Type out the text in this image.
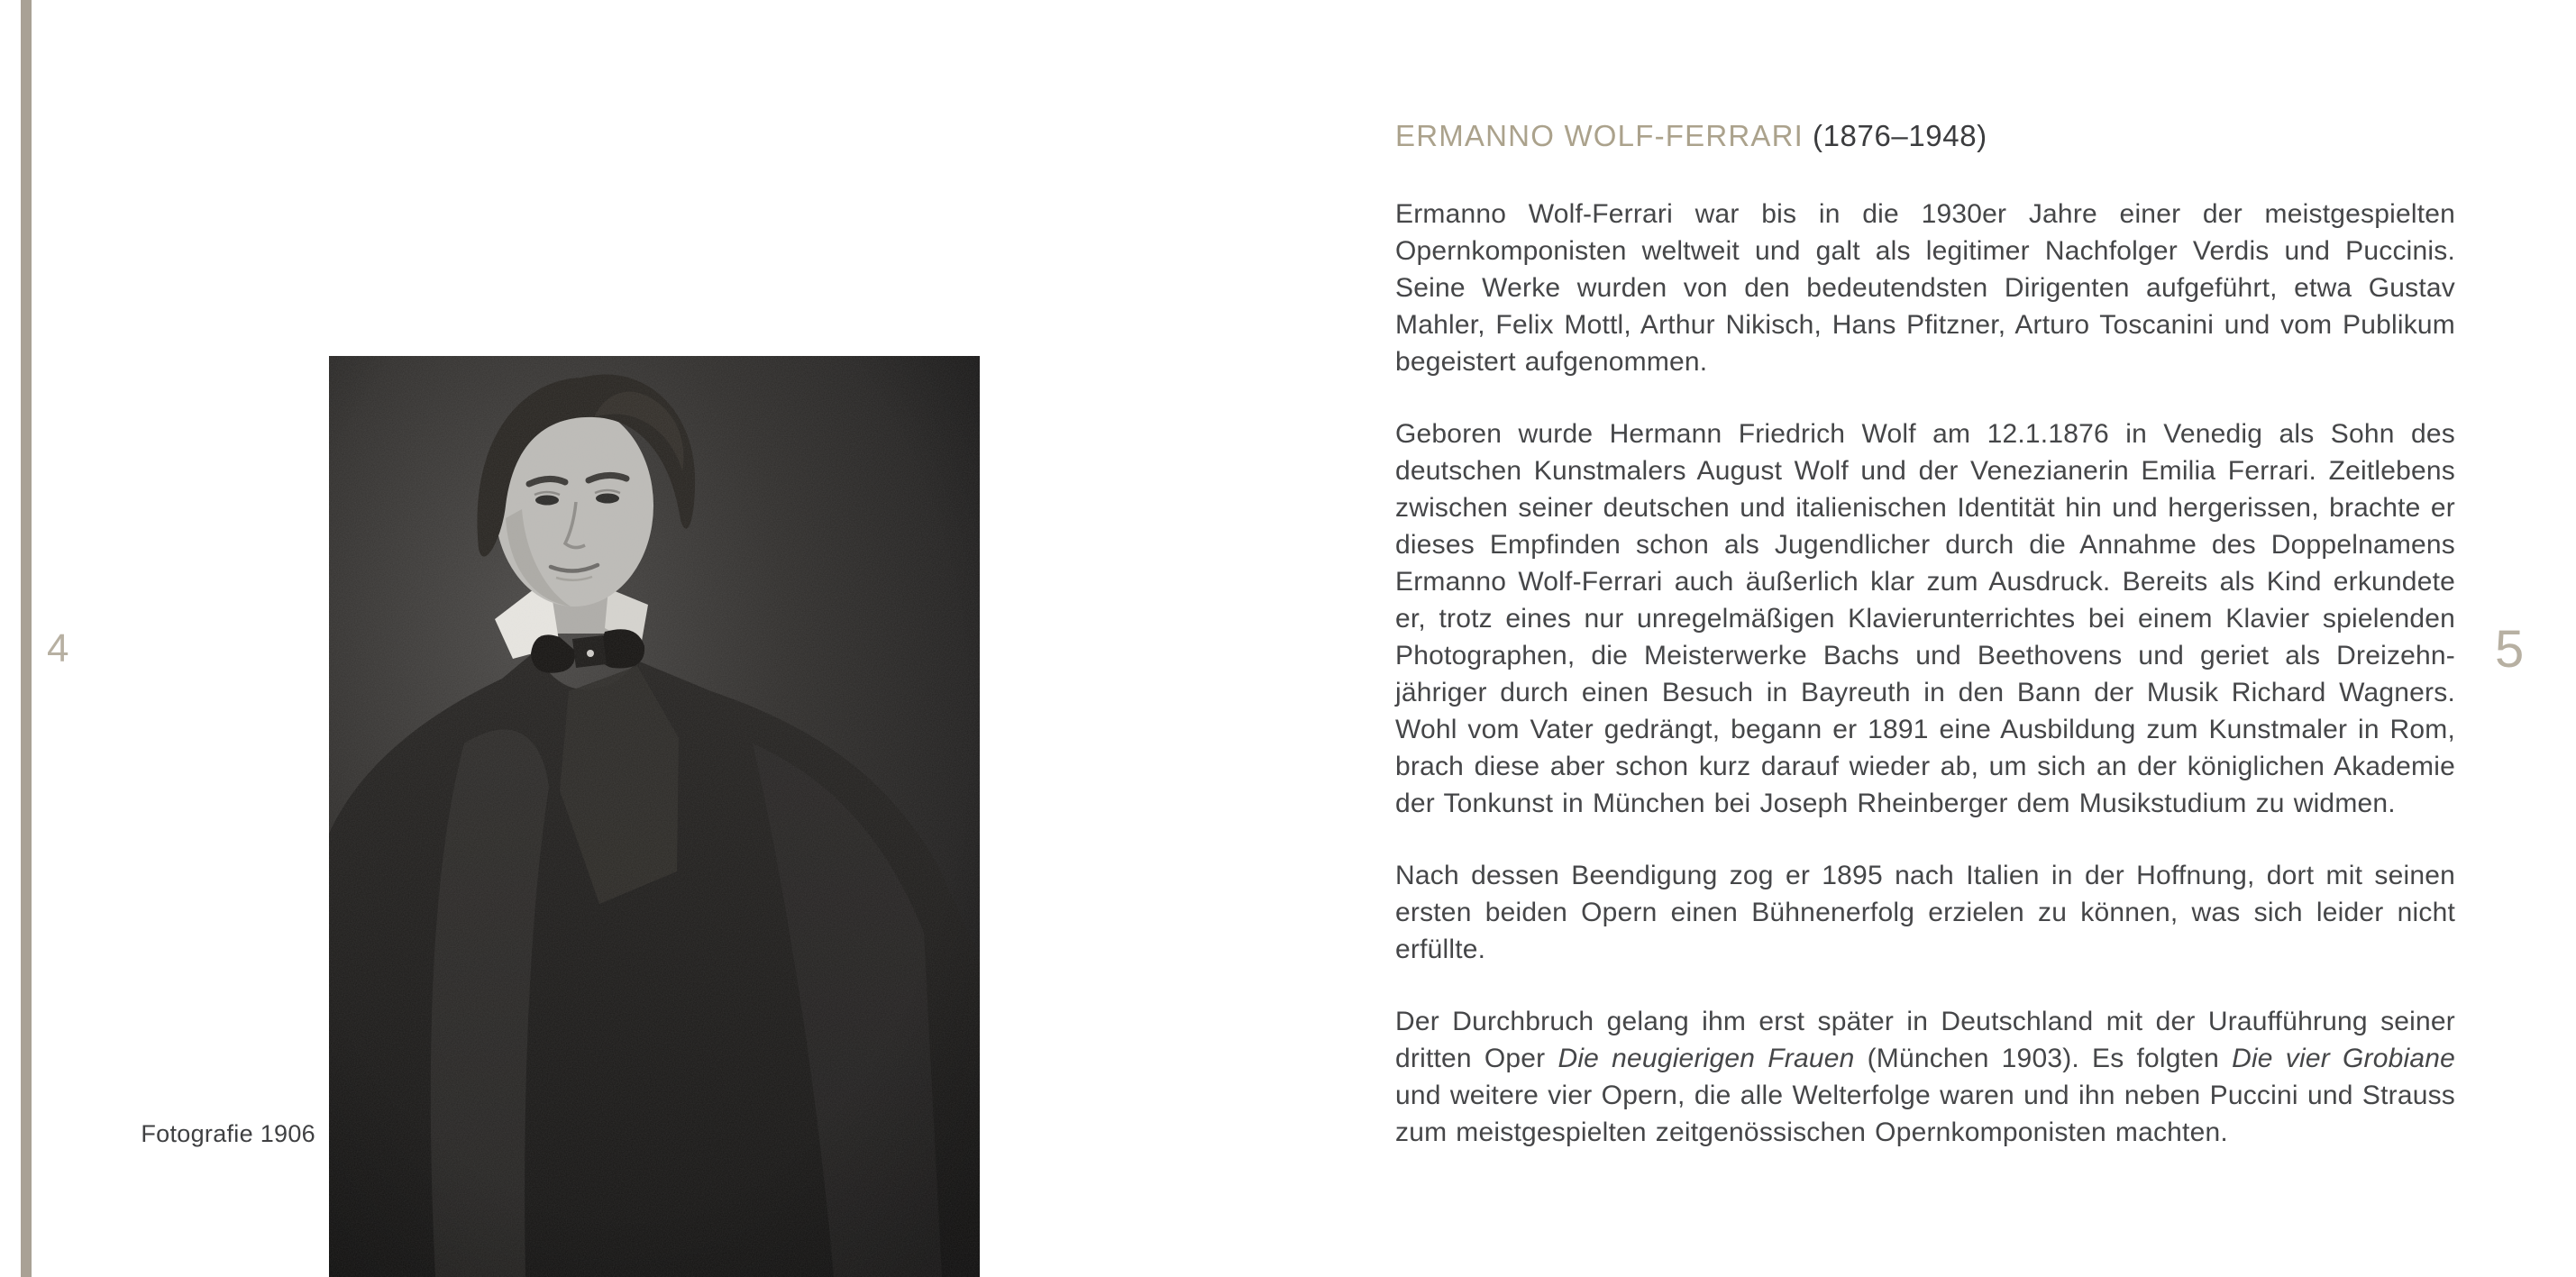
4
Fotografie 1906
ERMANNO WOLF-FERRARI (1876–1948)

Ermanno Wolf-Ferrari war bis in die 1930er Jahre einer der meistgespielten Opernkomponisten weltweit und galt als legitimer Nachfolger Verdis und Puccinis. Seine Werke wurden von den bedeutendsten Dirigenten aufgeführt, etwa Gustav Mahler, Felix Mottl, Arthur Nikisch, Hans Pfitzner, Arturo Toscanini und vom Publikum begeistert aufgenommen.

Geboren wurde Hermann Friedrich Wolf am 12.1.1876 in Venedig als Sohn des deutschen Kunstmalers August Wolf und der Venezianerin Emilia Ferrari. Zeitlebens zwischen seiner deutschen und italienischen Identität hin und hergerissen, brachte er dieses Empfinden schon als Jugendlicher durch die Annahme des Doppelnamens Ermanno Wolf-Ferrari auch äußerlich klar zum Ausdruck. Bereits als Kind erkundete er, trotz eines nur unregelmäßigen Klavierunterrichtes bei einem Klavier spielenden Photographen, die Meisterwerke Bachs und Beethovens und geriet als Dreizehn-jähriger durch einen Besuch in Bayreuth in den Bann der Musik Richard Wagners. Wohl vom Vater gedrängt, begann er 1891 eine Ausbildung zum Kunstmaler in Rom, brach diese aber schon kurz darauf wieder ab, um sich an der königlichen Akademie der Tonkunst in München bei Joseph Rheinberger dem Musikstudium zu widmen.

Nach dessen Beendigung zog er 1895 nach Italien in der Hoffnung, dort mit seinen ersten beiden Opern einen Bühnenerfolg erzielen zu können, was sich leider nicht erfüllte.

Der Durchbruch gelang ihm erst später in Deutschland mit der Uraufführung seiner dritten Oper Die neugierigen Frauen (München 1903). Es folgten Die vier Grobiane und weitere vier Opern, die alle Welterfolge waren und ihn neben Puccini und Strauss zum meistgespielten zeitgenössischen Opernkomponisten machten.

5
